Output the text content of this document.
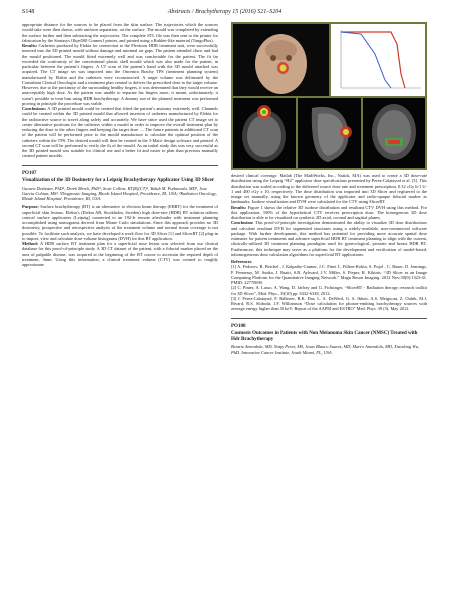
S148	Abstracts / Brachytherapy 15 (2016) S21–S204

appropriate distance for the sources to be placed from the skin surface. The trajectories which the sources would take were then drawn, with uniform separation, on the surface. The mould was completed by extending the surface further and then subtracting the trajectories. The complete STL file was then sent to the printer for fabrication by the Stratasys Objet500 Connex1 printer, and printed using a Rubber-like material (TangoPlus).

Results: Catheters produced by Elekta for connection to the Flexitron HDR treatment unit, were successfully inserted into the 3D printed mould without damage and minimal air gaps. The patient attended clinic and had the mould positioned. The mould fitted extremely well and was comfortable for the patient. The fit far exceeded the conformity of the conventional plastic shell mould which was also made for the patient, in particular between the patient’s fingers. A CT scan of the patient’s hand with the 3D mould attached was acquired. The CT image set was imported into the Oncentra Brachy TPS (treatment planning system) manufactured by Elekta and the catheters were reconstructed. A target volume was delineated by the Consultant Clinical Oncologist and a treatment plan created to deliver the prescribed dose to the target volume. However, due to the proximity of the surrounding healthy fingers, it was determined that they would receive an unacceptably high dose. As the patient was unable to separate his fingers more, it meant, unfortunately, it wasn’t possible to treat him using HDR brachytherapy. A dummy run of the planned treatment was performed proving in principle the procedure was viable.

Conclusions: A 3D printed mould could be created that fitted the patient’s anatomy extremely well. Channels could be created within the 3D printed mould that allowed insertion of catheters manufactured by Elekta for the radioactive source to travel along safely and accurately. We have since used the patient CT image set to create alternative positions for the catheters within a mould in order to improve the overall treatment plan by reducing the dose to the other fingers and keeping the target dose .... The future patients in additional CT scan of the patient will be performed prior to the mould manufacture to calculate the optimal position of the catheters within the TPS. The desired mould will then be created in the 3-Matic design software and printed. A second CT scan will be performed to verify the fit of the mould. As an initial study this was very successful as the 3D printed mould was suitable for clinical use and a better fit and easier to plan than previous manually created patient moulds.

PO107
Visualization of the 3D Dosimetry for a Leipzig Brachytherapy Applicator Using 3D Slicer
Guraen Deshazer, PhD¹, Derek Merck, PhD¹, Scott Collins, RT(R)(CT)¹, Yakub M. Puthawala, MD¹, Jose Garcia Cobian, MS². ¹Diagnostic Imaging, Rhode Island Hospital, Providence, RI, USA; ²Radiation Oncology, Rhode Island Hospital, Providence, RI, USA.

Purpose: Surface brachytherapy (BT) is an alternative to electron beam therapy (EBRT) for the treatment of superficial skin lesions. Elekta’s (Elekta AB, Stockholm, Sweden) high dose-rate (HDR) BT solution utilizes conical surface applicators (Leipzig) connected to an 192-Ir remote afterloader with treatment planning accomplished using nomograms derived from Monte Carlo simulations. Since this approach provides no 3D dosimetry, prospective and retrospective analysis of the treatment volume and normal tissue coverage is not possible. To facilitate such analysis, we have developed a work flow for 3D Slicer [1] and SlicerRT [2] plug-in to import, view and calculate dose-volume histograms (DVH) for this BT application.

Method: A HDR surface BT treatment plan for a superficial nose lesion was selected from our clinical database for this proof-of-principle study. A 3D CT dataset of the patient, with a fiducial marker placed on the area of palpable disease, was acquired at the beginning of the BT course to ascertain the required depth of treatment, 3mm. Using this information, a clinical treatment volume (CTV) was created to roughly approximate

desired clinical coverage. Matlab (The MathWorks, Inc., Natick, MA) was used to create a 3D dose-rate distribution using the Leipzig “H2” applicator dose specifications presented by Perez-Calatayud et al. [3]. This distribution was scaled according to the delivered source dose rate and treatment prescription, 0.32 cGy h-1 U-1 and 400 cGy x 10, respectively. The dose distribution was imported into 3D Slicer and registered to the image set manually, using the known geometry of the applicator and radio-opaque fiducial marker as landmarks. Isodose visualization and DVH were calculated for the CTV using SlicerRT.

Results: Figure 1 shows the relative 3D isodose distribution and resultant CTV DVH using this method. For this application, 100% of the hypothetical CTV receives prescription dose. The homogenous 3D dose distribution is able to be visualized on synthetic 2D axial, coronal and sagittal planes.

Conclusion: This proof-of-principle investigation demonstrated the ability to visualize 3D dose distributions and calculate resultant DVH for segmented structures using a widely-available, non-commercial software package. With further development, this method has potential for providing more accurate spatial dose estimates for patient treatments and advance superficial HDR BT treatment planning to align with the current, clinically-utilized 3D treatment planning paradigms used for gynecological, prostate and breast HDR BT. Furthermore, this technique may serve as a platform for the development and verification of model-based, inhomogeneous dose calculation algorithms for superficial BT applications.

References

[1] A. Fedorov, R. Beichel , J. Kalpathy-Cramer, J.C. Finet J., Fillion-Robin, S. Pujol , C. Bauer, D. Jennings, F. Fennessy, M. Sonka, J. Buatti, S.R. Aylward, J.V. Miller, S. Pieper, R. Kikinis. “3D Slicer as an Image Computing Platform for the Quantitative Imaging Network.” Magn Reson Imaging. 2012 Nov;30(9):1323-41. PMID: 22770690.

[2] C. Pinter, A. Lasso, A. Wang, D. Jaffray and G. Fichtinger, “SlicerRT - Radiation therapy research toolkit for 3D Slicer”, Med. Phys., 39(10) pp. 6332-6338, 2012.

[3] J. Perez-Calatayud, F. Ballester, R.K. Das, L. A. DeWerd, G. S. Ibbott, A.S. Meigooni, Z. Ouhib, M.J. Rivard, R.S. Sloboda, J.F. Williamson “Dose calculation for photon-emitting brachytherapy sources with average energy higher than 50 keV: Report of the AAPM and ESTRO” Med. Phys. 39 (5), May 2012.

PO108
Cosmesis Outcomes in Patients with Non Melanoma Skin Cancer (NMSC) Treated with Hdr Brachytherapy
Beatriz Amendola, MD, Naipy Perez, MS, Jesus Blanco Suarez, MD, Marco Amendola, MD, Xiaodong Wu, PhD. Innovative Cancer Institute, South Miami, FL, USA.
